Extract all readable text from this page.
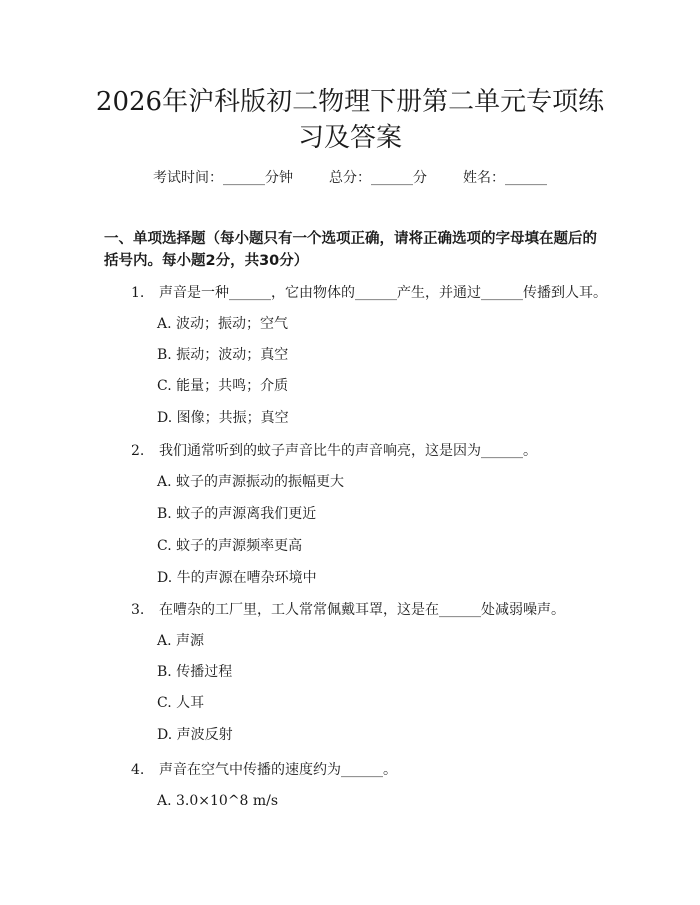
2026年沪科版初二物理下册第二单元专项练
习及答案
考试时间：______分钟	总分：______分	姓名：______
一、单项选择题（每小题只有一个选项正确，请将正确选项的字母填在题后的括号内。每小题2分，共30分）
1. 声音是一种______，它由物体的______产生，并通过______传播到人耳。
A. 波动；振动；空气
B. 振动；波动；真空
C. 能量；共鸣；介质
D. 图像；共振；真空
2. 我们通常听到的蚊子声音比牛的声音响亮，这是因为______。
A. 蚊子的声源振动的振幅更大
B. 蚊子的声源离我们更近
C. 蚊子的声源频率更高
D. 牛的声源在嘈杂环境中
3. 在嘈杂的工厂里，工人常常佩戴耳罩，这是在______处减弱噪声。
A. 声源
B. 传播过程
C. 人耳
D. 声波反射
4. 声音在空气中传播的速度约为______。
A. 3.0×10^8 m/s
